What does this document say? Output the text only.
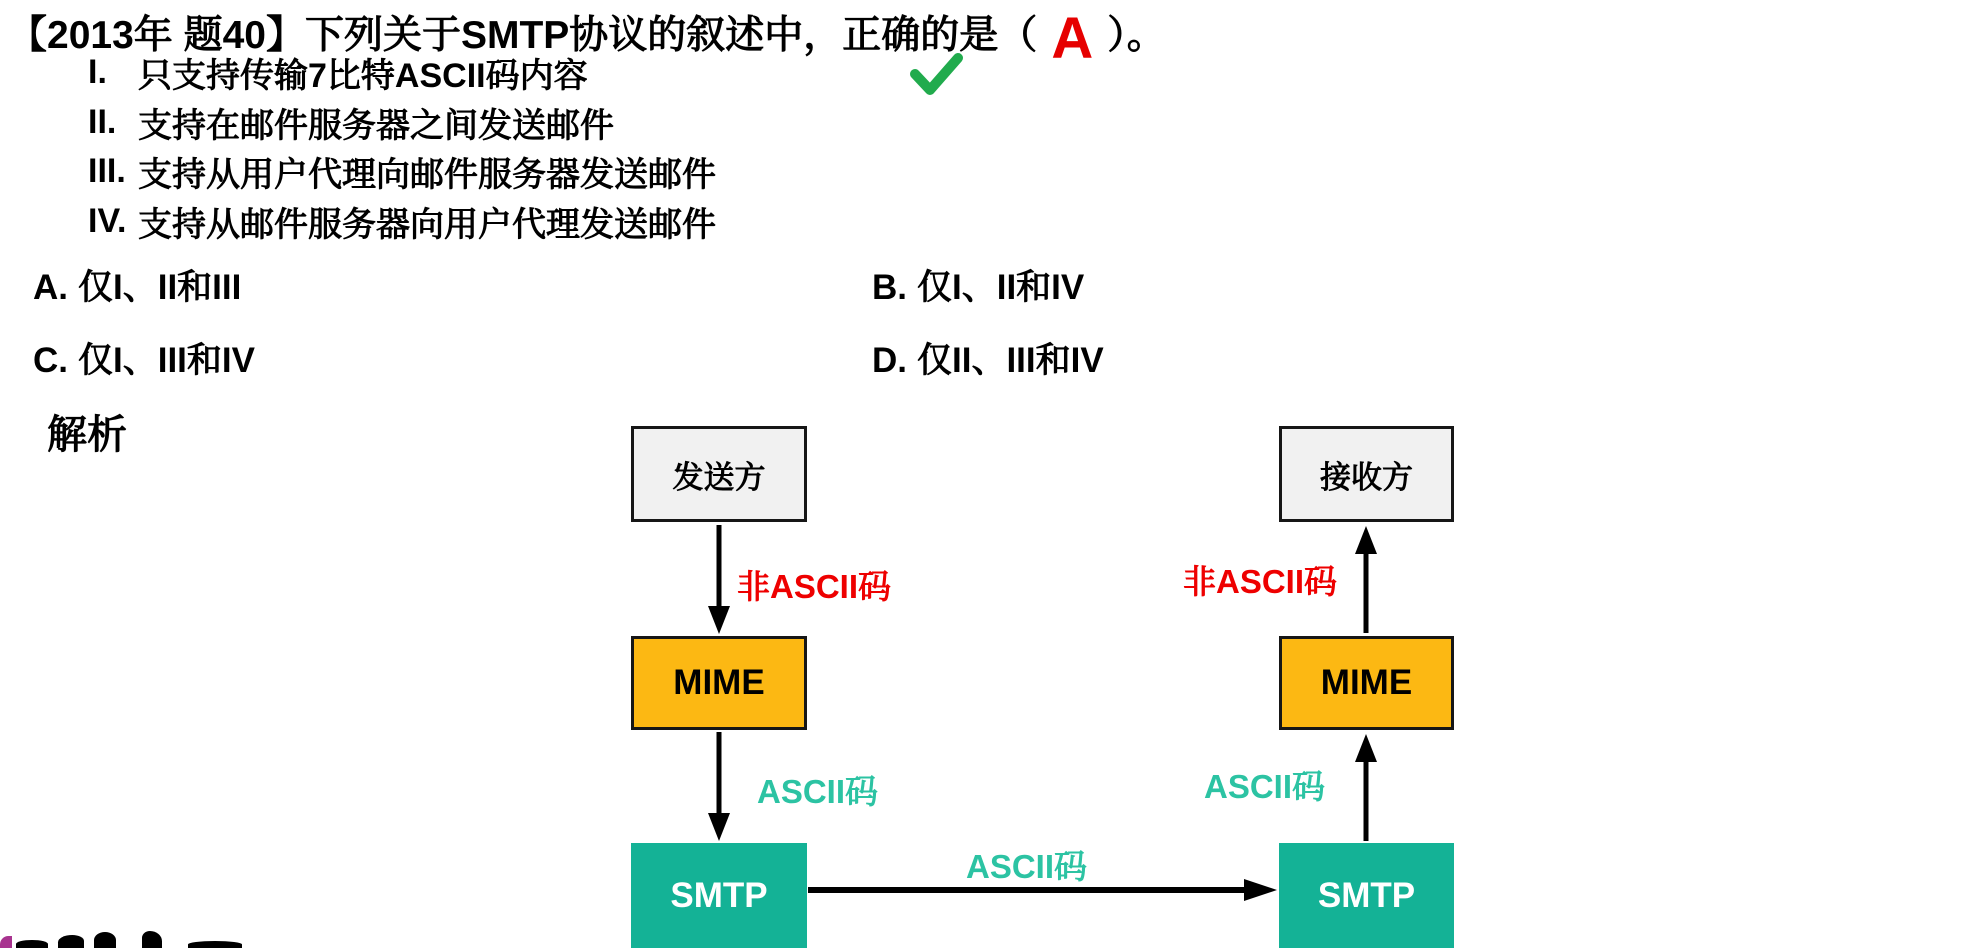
【2013年 题40】下列关于SMTP协议的叙述中，正确的是（ A ）。
I. 只支持传输7比特ASCII码内容
II. 支持在邮件服务器之间发送邮件
III. 支持从用户代理向邮件服务器发送邮件
IV. 支持从邮件服务器向用户代理发送邮件
A. 仅I、II和III	B. 仅I、II和IV
C. 仅I、III和IV	D. 仅II、III和IV
解析
发送方	接收方
MIME	MIME
SMTP	SMTP
非ASCII码	非ASCII码
ASCII码	ASCII码
ASCII码
